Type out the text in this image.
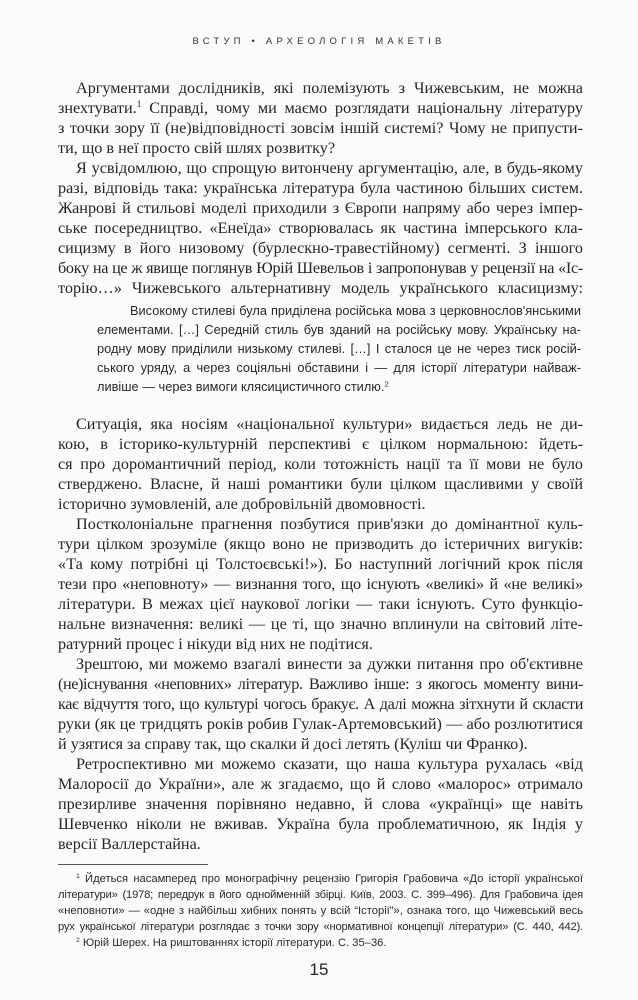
ВСТУП • АРХЕОЛОГІЯ МАКЕТІВ
Аргументами дослідників, які полемізують з Чижевським, не можна
знехтувати.$^1$ Справді, чому ми маємо розглядати національну літературу
з точки зору її (не)відповідності зовсім іншій системі? Чому не припусти-
ти, що в неї просто свій шлях розвитку?
Я усвідомлюю, що спрощую витончену аргументацію, але, в будь-якому
разі, відповідь така: українська література була частиною більших систем.
Жанрові й стильові моделі приходили з Європи напряму або через імпер-
ське посередництво. «Енеїда» створювалась як частина імперського кла-
сицизму в його низовому (бурлескно-травестійному) сегменті. З іншого
боку на це ж явище поглянув Юрій Шевельов і запропонував у рецензії на «Іс-
торію…» Чижевського альтернативну модель українського класицизму:
Високому стилеві була приділена російська мова з церковнослов'янськими
елементами. […] Середній стиль був зданий на російську мову. Українську на-
родну мову приділили низькому стилеві. […] І сталося це не через тиск росій-
ського уряду, а через соціяльні обставини і — для історії літератури найваж-
ливіше — через вимоги клясицистичного стилю.$^2$
Ситуація, яка носіям «національної культури» видається ледь не ди-
кою, в історико-культурній перспективі є цілком нормальною: йдеть-
ся про доромантичний період, коли тотожність нації та її мови не було
ствердженo. Власне, й наші романтики були цілком щасливими у своїй
історично зумовленій, але добровільній двомовності.
Постколоніальне прагнення позбутися прив'язки до домінантної куль-
тури цілком зрозуміле (якщо воно не призводить до істеричних вигуків:
«Та кому потрібні ці Толстоєвські!»). Бо наступний логічний крок після
тези про «неповноту» — визнання того, що існують «великі» й «не великі»
літератури. В межах цієї наукової логіки — таки існують. Суто функціо-
нальне визначення: великі — це ті, що значно вплинули на світовий літе-
ратурний процес і нікуди від них не подітися.
Зрештою, ми можемо взагалі винести за дужки питання про об'єктивне
(не)існування «неповних» літератур. Важливо інше: з якогось моменту вини-
кає відчуття того, що культурі чогось бракує. А далі можна зітхнути й скласти
руки (як це тридцять років робив Гулак-Артемовський) — або розлютитися
й узятися за справу так, що скалки й досі летять (Куліш чи Франко).
Ретроспективно ми можемо сказати, що наша культура рухалась «від
Малоросії до України», але ж згадаємо, що й слово «малорос» отримало
презирливе значення порівняно недавно, й слова «українці» ще навіть
Шевченко ніколи не вживав. Україна була проблематичною, як Індія у
версії Валлерстайна.
$^1$ Йдеться насамперед про монографічну рецензію Григорія Грабовича «До історії української
літератури» (1978; передрук в його однойменній збірці. Київ, 2003. С. 399–496). Для Грабовича ідея
«неповноти» — «одне з найбільш хибних понять у всій “Історії”», ознака того, що Чижевський весь
рух української літератури розглядає з точки зору «нормативної концепції літератури» (С. 440, 442).
$^2$ Юрій Шерех. На риштованнях історії літератури. С. 35–36.
15
